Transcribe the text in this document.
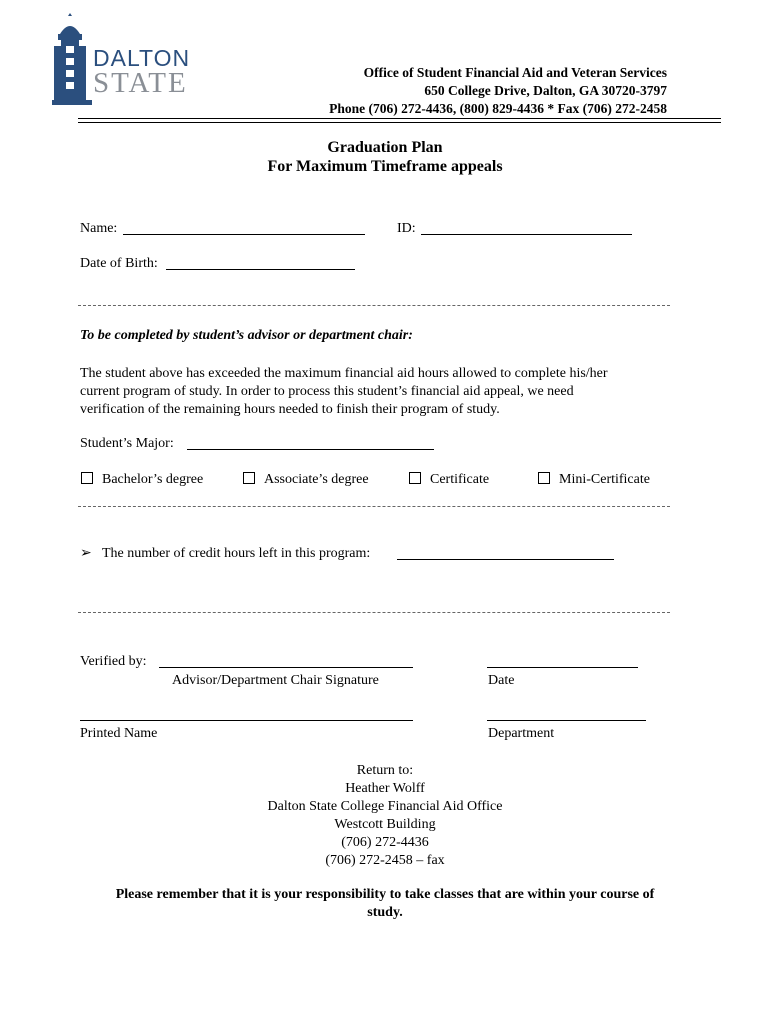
DALTON
STATE	Office of Student Financial Aid and Veteran Services
650 College Drive, Dalton, GA 30720-3797
Phone (706) 272-4436, (800) 829-4436 * Fax (706) 272-2458
Graduation Plan
For Maximum Timeframe appeals
Name:	ID:
Date of Birth:
To be completed by student’s advisor or department chair:
The student above has exceeded the maximum financial aid hours allowed to complete his/her
current program of study. In order to process this student’s financial aid appeal, we need
verification of the remaining hours needed to finish their program of study.
Student’s Major:
Bachelor’s degree	Associate’s degree	Certificate	Mini-Certificate
➢ The number of credit hours left in this program:
Verified by:
Advisor/Department Chair Signature	Date
Printed Name	Department
Return to:
Heather Wolff
Dalton State College Financial Aid Office
Westcott Building
(706) 272-4436
(706) 272-2458 – fax
Please remember that it is your responsibility to take classes that are within your course of
study.
